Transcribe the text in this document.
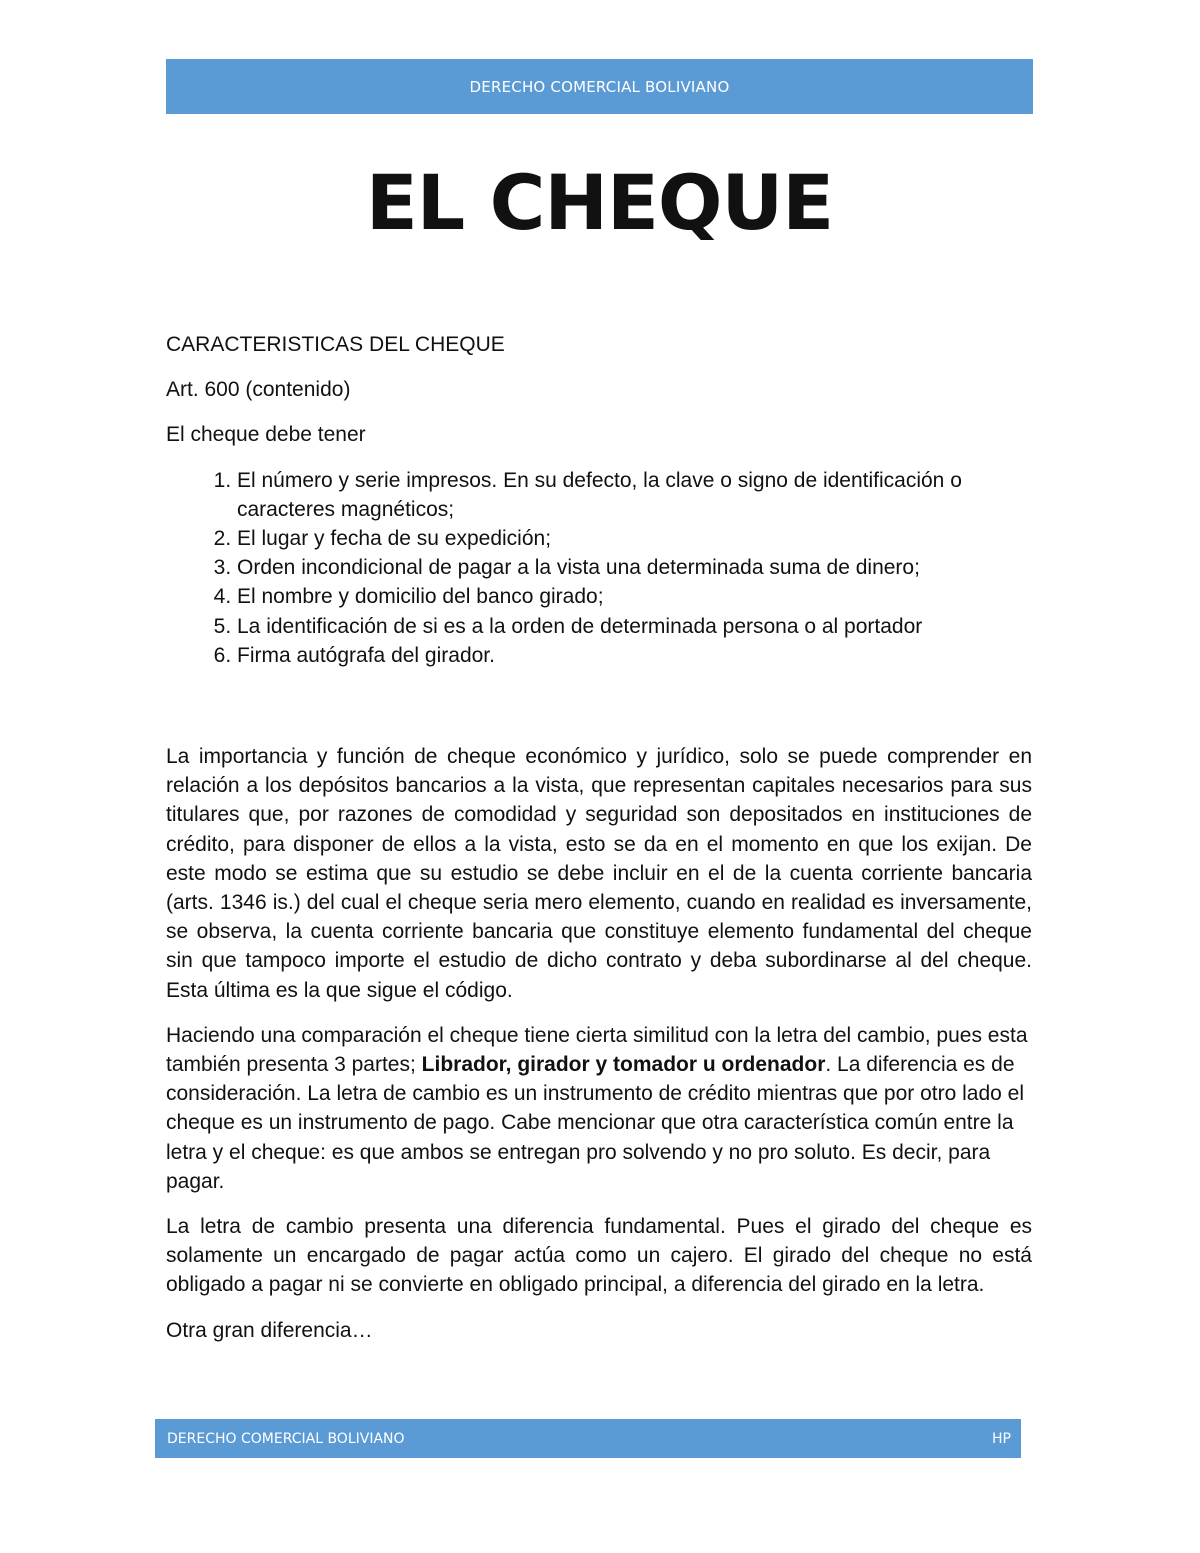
DERECHO COMERCIAL BOLIVIANO
EL CHEQUE

CARACTERISTICAS DEL CHEQUE

Art. 600 (contenido)

El cheque debe tener

1. El número y serie impresos. En su defecto, la clave o signo de identificación o caracteres magnéticos;
2. El lugar y fecha de su expedición;
3. Orden incondicional de pagar a la vista una determinada suma de dinero;
4. El nombre y domicilio del banco girado;
5. La identificación de si es a la orden de determinada persona o al portador
6. Firma autógrafa del girador.

La importancia y función de cheque económico y jurídico, solo se puede comprender en relación a los depósitos bancarios a la vista, que representan capitales necesarios para sus titulares que, por razones de comodidad y seguridad son depositados en instituciones de crédito, para disponer de ellos a la vista, esto se da en el momento en que los exijan. De este modo se estima que su estudio se debe incluir en el de la cuenta corriente bancaria (arts. 1346 is.) del cual el cheque seria mero elemento, cuando en realidad es inversamente, se observa, la cuenta corriente bancaria que constituye elemento fundamental del cheque sin que tampoco importe el estudio de dicho contrato y deba subordinarse al del cheque. Esta última es la que sigue el código.

Haciendo una comparación el cheque tiene cierta similitud con la letra del cambio, pues esta también presenta 3 partes; Librador, girador y tomador u ordenador. La diferencia es de consideración. La letra de cambio es un instrumento de crédito mientras que por otro lado el cheque es un instrumento de pago. Cabe mencionar que otra característica común entre la letra y el cheque: es que ambos se entregan pro solvendo y no pro soluto. Es decir, para pagar.

La letra de cambio presenta una diferencia fundamental. Pues el girado del cheque es solamente un encargado de pagar actúa como un cajero. El girado del cheque no está obligado a pagar ni se convierte en obligado principal, a diferencia del girado en la letra.

Otra gran diferencia…

DERECHO COMERCIAL BOLIVIANO	HP
